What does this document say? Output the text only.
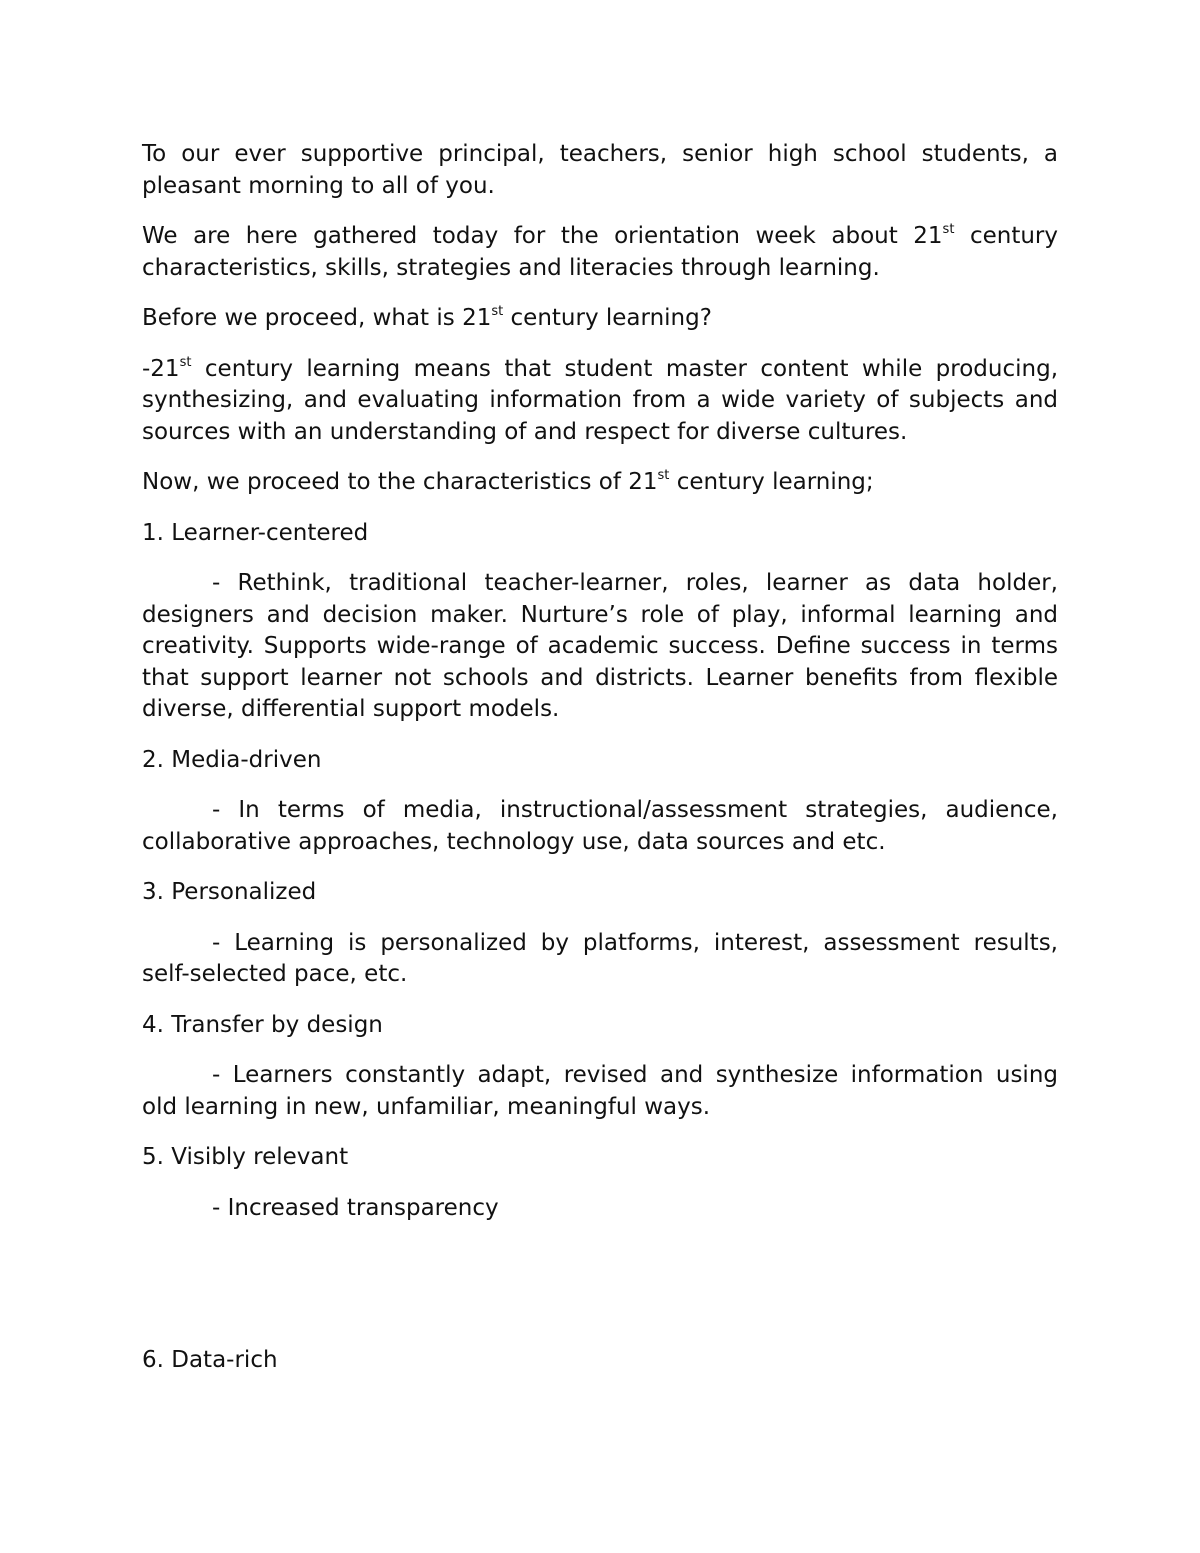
To our ever supportive principal, teachers, senior high school students, a pleasant morning to all of you.

We are here gathered today for the orientation week about 21st century characteristics, skills, strategies and literacies through learning.

Before we proceed, what is 21st century learning?

-21st century learning means that student master content while producing, synthesizing, and evaluating information from a wide variety of subjects and sources with an understanding of and respect for diverse cultures.

Now, we proceed to the characteristics of 21st century learning;

1. Learner-centered

- Rethink, traditional teacher-learner, roles, learner as data holder, designers and decision maker. Nurture’s role of play, informal learning and creativity. Supports wide-range of academic success. Define success in terms that support learner not schools and districts. Learner benefits from flexible diverse, differential support models.

2. Media-driven

- In terms of media, instructional/assessment strategies, audience, collaborative approaches, technology use, data sources and etc.

3. Personalized

- Learning is personalized by platforms, interest, assessment results, self-selected pace, etc.

4. Transfer by design

- Learners constantly adapt, revised and synthesize information using old learning in new, unfamiliar, meaningful ways.

5. Visibly relevant

- Increased transparency

6. Data-rich
